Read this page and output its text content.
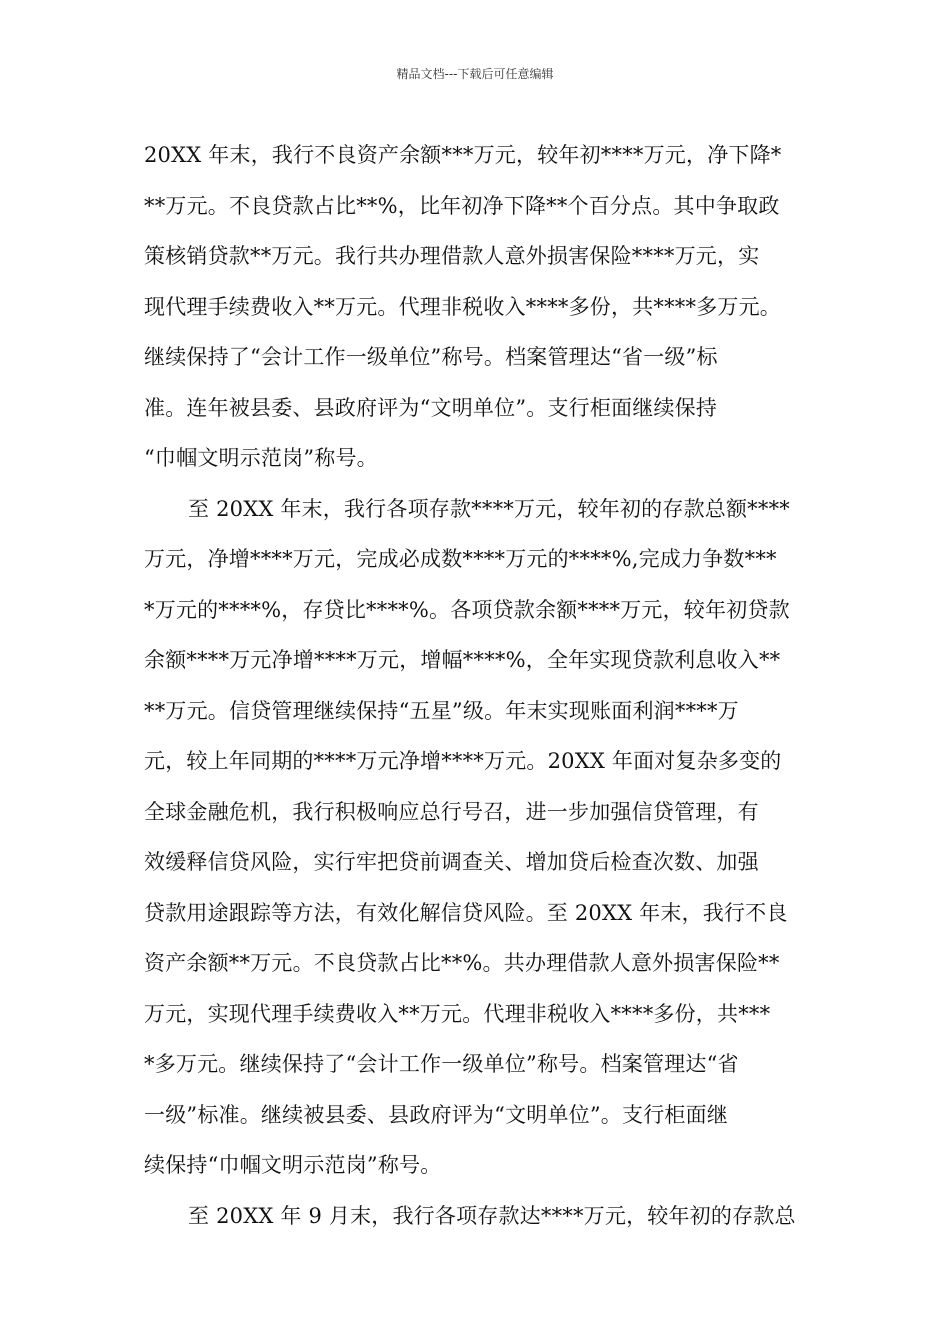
精品文档---下载后可任意编辑
20XX 年末，我行不良资产余额***万元，较年初****万元，净下降*
**万元。不良贷款占比**%，比年初净下降**个百分点。其中争取政
策核销贷款**万元。我行共办理借款人意外损害保险****万元，实
现代理手续费收入**万元。代理非税收入****多份，共****多万元。
继续保持了“会计工作一级单位”称号。档案管理达“省一级”标
准。连年被县委、县政府评为“文明单位”。支行柜面继续保持
“巾帼文明示范岗”称号。
至 20XX 年末，我行各项存款****万元，较年初的存款总额****
万元，净增****万元，完成必成数****万元的****%,完成力争数***
*万元的****%，存贷比****%。各项贷款余额****万元，较年初贷款
余额****万元净增****万元，增幅****%，全年实现贷款利息收入**
**万元。信贷管理继续保持“五星”级。年末实现账面利润****万
元，较上年同期的****万元净增****万元。20XX 年面对复杂多变的
全球金融危机，我行积极响应总行号召，进一步加强信贷管理，有
效缓释信贷风险，实行牢把贷前调查关、增加贷后检查次数、加强
贷款用途跟踪等方法，有效化解信贷风险。至 20XX 年末，我行不良
资产余额**万元。不良贷款占比**%。共办理借款人意外损害保险**
万元，实现代理手续费收入**万元。代理非税收入****多份，共***
*多万元。继续保持了“会计工作一级单位”称号。档案管理达“省
一级”标准。继续被县委、县政府评为“文明单位”。支行柜面继
续保持“巾帼文明示范岗”称号。
至 20XX 年 9 月末，我行各项存款达****万元，较年初的存款总
